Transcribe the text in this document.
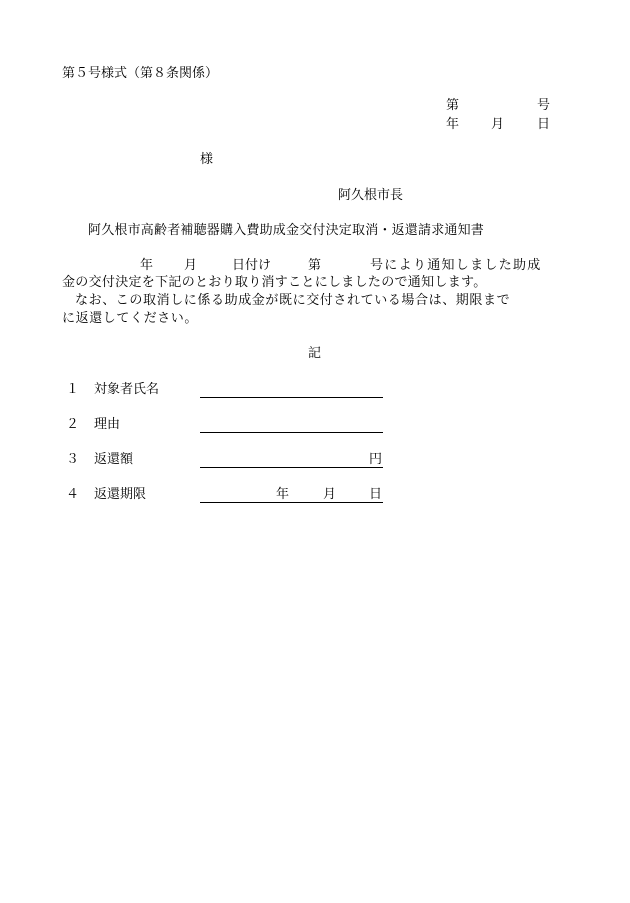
第５号様式（第８条関係）
第	号
年 月	日
様
阿久根市長
阿久根市高齢者補聴器購入費助成金交付決定取消・返還請求通知書
年 月	日付け	第	号により通知しました助成
金の交付決定を下記のとおり取り消すことにしましたので通知します。
なお、この取消しに係る助成金が既に交付されている場合は、期限まで
に返還してください。
記
１ 対象者氏名
２ 理由
３ 返還額	円
４ 返還期限	年	月	日
